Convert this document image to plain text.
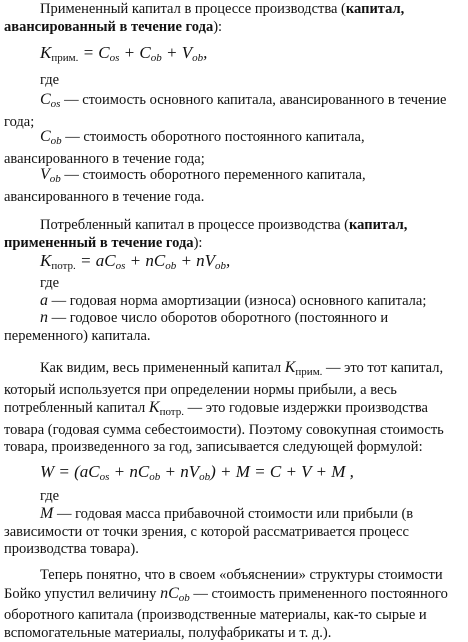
Примененный капитал в процессе производства (капитал, авансированный в течение года):
Kприм. = $C_{os} + C_{ob} + V_{ob}$,
где
$C_{os}$ — стоимость основного капитала, авансированного в течение года;
$C_{ob}$ — стоимость оборотного постоянного капитала, авансированного в течение года;
$V_{ob}$ — стоимость оборотного переменного капитала, авансированного в течение года.
Потребленный капитал в процессе производства (капитал, примененный в течение года):
Kпотр. = $aC_{os} + nC_{ob} + nV_{ob}$,
где
a — годовая норма амортизации (износа) основного капитала;
n — годовое число оборотов оборотного (постоянного и переменного) капитала.
Как видим, весь примененный капитал Kприм. — это тот капитал, который используется при определении нормы прибыли, а весь потребленный капитал Kпотр. — это годовые издержки производства товара (годовая сумма себестоимости). Поэтому совокупная стоимость товара, произведенного за год, записывается следующей формулой:
$W = (aC_{os} + nC_{ob} + nV_{ob}) + M = C + V + M$ ,
где
M — годовая масса прибавочной стоимости или прибыли (в зависимости от точки зрения, с которой рассматривается процесс производства товара).
Теперь понятно, что в своем «объяснении» структуры стоимости Бойко упустил величину $nC_{ob}$ — стоимость примененного постоянного оборотного капитала (производственные материалы, как-то сырые и вспомогательные материалы, полуфабрикаты и т. д.).
